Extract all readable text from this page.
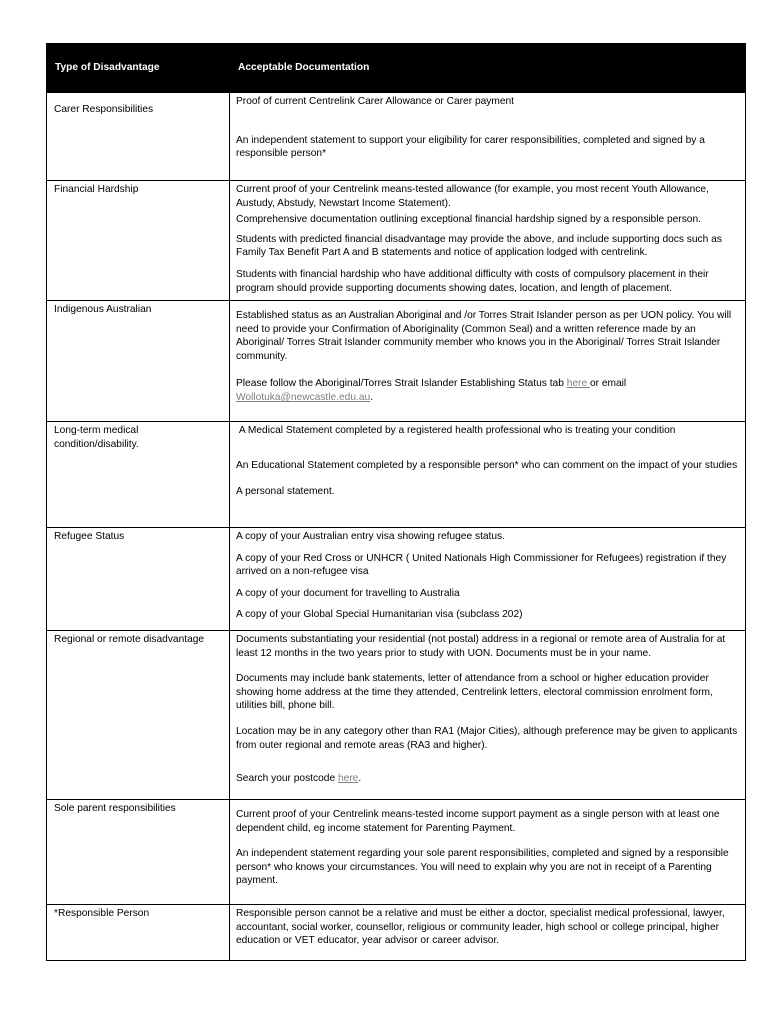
Type of Disadvantage	Acceptable Documentation

Carer Responsibilities	Proof of current Centrelink Carer Allowance or Carer payment

An independent statement to support your eligibility for carer responsibilities, completed and signed by a responsible person*

Financial Hardship	Current proof of your Centrelink means-tested allowance (for example, you most recent Youth Allowance, Austudy, Abstudy, Newstart Income Statement).

Comprehensive documentation outlining exceptional financial hardship signed by a responsible person.

Students with predicted financial disadvantage may provide the above, and include supporting docs such as Family Tax Benefit Part A and B statements and notice of application lodged with centrelink.

Students with financial hardship who have additional difficulty with costs of compulsory placement in their program should provide supporting documents showing dates, location, and length of placement.

Indigenous Australian	Established status as an Australian Aboriginal and /or Torres Strait Islander person as per UON policy. You will need to provide your Confirmation of Aboriginality (Common Seal) and a written reference made by an Aboriginal/ Torres Strait Islander community member who knows you in the Aboriginal/ Torres Strait Islander community.

Please follow the Aboriginal/Torres Strait Islander Establishing Status tab here or email Wollotuka@newcastle.edu.au.

Long-term medical condition/disability.	A Medical Statement completed by a registered health professional who is treating your condition

An Educational Statement completed by a responsible person* who can comment on the impact of your studies

A personal statement.

Refugee Status	A copy of your Australian entry visa showing refugee status.

A copy of your Red Cross or UNHCR ( United Nationals High Commissioner for Refugees) registration if they arrived on a non-refugee visa

A copy of your document for travelling to Australia

A copy of your Global Special Humanitarian visa (subclass 202)

Regional or remote disadvantage	Documents substantiating your residential (not postal) address in a regional or remote area of Australia for at least 12 months in the two years prior to study with UON. Documents must be in your name.

Documents may include bank statements, letter of attendance from a school or higher education provider showing home address at the time they attended, Centrelink letters, electoral commission enrolment form, utilities bill, phone bill.

Location may be in any category other than RA1 (Major Cities), although preference may be given to applicants from outer regional and remote areas (RA3 and higher).

Search your postcode here.

Sole parent responsibilities	Current proof of your Centrelink means-tested income support payment as a single person with at least one dependent child, eg income statement for Parenting Payment.

An independent statement regarding your sole parent responsibilities, completed and signed by a responsible person* who knows your circumstances. You will need to explain why you are not in receipt of a Parenting payment.

*Responsible Person	Responsible person cannot be a relative and must be either a doctor, specialist medical professional, lawyer, accountant, social worker, counsellor, religious or community leader, high school or college principal, higher education or VET educator, year advisor or career advisor.
